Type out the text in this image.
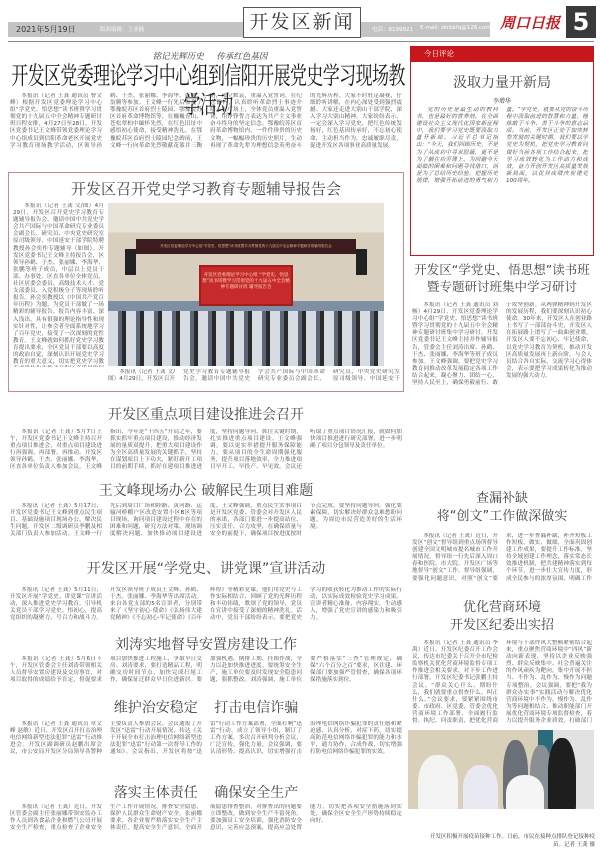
2021年5月19日	版面编辑：王亚楠	电话：8199921 E-mail: zkrbkfq@126.com
开发区新闻	周口日报 5
铭记光辉历史 传承红色基因
开发区党委理论学习中心组到信阳开展党史学习现场教学活动

本报讯（记者 王龚 通讯员 曹文峰）根据开发区党委理论学习中心组“学党史、悟思想”读书班暨学习贯彻党的十九届五中全会精神专题研讨班日程安排，4月27日至28日，开发区党委书记王文峰带领党委理论学习中心组成员到信阳革命老区开展党史学习教育现场教学活动，区领导孙鹤、于杰、张丽娜、李海华、张鹏、翁腾等参加。王文峰一行先后参观了鄂豫皖苏区首府烈士陵园、鄂豫皖苏区首府革命博物馆等，在巍巍青山、苍松翠柏中缅怀先烈，在红色旧址中感悟初心使命，接受精神洗礼。在鄂豫皖苏区首府烈士陵园纪念碑前，王文峰一行向革命先烈敬献花篮并三鞠躬，肃立默哀，重温入党誓词。在纪念馆内，认真聆听革命烈士事迹介绍，在广场上，全体党员重温入党誓词，用铮铮誓言表达为共产主义事业奋斗终身的坚定信念。鄂豫皖苏区首府革命博物馆内，一件件珍贵的历史文物，一幅幅珍贵的历史照片，生动再现了革命先辈为理想信念英勇奋斗的光辉历程。大家不时驻足凝视，仔细聆听讲解，在内心深处受到强烈震撼。大家还走进大别山干部学院，深入学习大别山精神。大家纷纷表示，一定会深入学习党史，把红色传统发扬好，红色基因传承好，不忘初心使命，主动担当作为，忠诚履职尽责，促进开发区各项事业高质量发展。

开发区召开党史学习教育专题辅导报告会

本报讯（记者 王龚 文/图）4月29日，开发区召开党史学习教育专题辅导报告会，邀请中国中共党史学会共产国际与中国革命研究专业委员会副会长、研究员、中央党史研究室原司级领导、中国延安干部学院特聘教授孙会奕作专题辅导（如图）。开发区党委书记王文峰主持报告会，区领导孙鹤、于杰、张丽娜、李海华、张鹏等班子成员，中层以上党员干部、办事处、区直各单位全体党员、社区居委会委员、高级技术人才、党支部委员、入党积极分子等现场聆听报告。孙会奕教授以《中国共产党百年历程》为题，为党员干部做了一场精彩的辅导报告。报告内容丰富、深入浅出，具有很强的理论指导性和现实针对性，让参会者全面系统地学习了百年党史，接受了一次深刻的党性教育。王文峰就如何抓好党史学习教育提出要求，全区党员干部要以高度的政治自觉，深刻认识开展党史学习教育的重大意义，切实把党史学习教

开发区党委理论学习中心组“学党史、悟思想”读书班暨学习贯彻党的十九届五中全会精神专题研讨班辅导报告会
开发区党委理论学习中心组 “学党史、悟思想”读书班暨学习贯彻党的十九届五中全会精神专题研讨班 辅导报告会

本报讯（记者 王龚 文/图）4月29日，开发区召开党史学习教育专题辅导报告会，邀请中国中共党史学会共产国际与中国革命研究专业委员会副会长、研究员、中央党史研究室原司级领导、中国延安干

开发区重点项目建设推进会召开

本报讯（记者 王龚）5月7日上午，开发区党委书记王文峰主持召开重点项目推进会，对重点项目建设进行再强调、再部署、再推动。开发区领导孙鹤、于杰、张丽娜、李海华，区直各单位负责人参加会议。王文峰指出，今年是“十四五”开局之年，要抓实抓牢重点项目建设，推动经济发展的量质双提升，把重大项目建设作为全区高质量发展的关键抓手，坚持在谋划项目上下功夫，紧盯新开工项目的前期手续，抓好在建项目推进进度，坚持问题导向、抓住关键时期，扎实推进重点项目建设。王文峰强调，要以更实举措提升服务保障能力，要从项目的全生命周期强化服务，提升项目落地效率，全力推进项目早开工、早投产、早见效。会议还听取了重点项目情况汇报，就如何加快项目推进进行研究部署，进一步明确了项目分包领导及责任单位。

王文峰现场办公 破解民生项目难题

本报讯（记者 王龚）5月17日，开发区党委书记王文峰到重点民生项目、基础设施项目现场办公，解决民生问题。开发区二级调研员李鹏及相关部门负责人参加活动。王文峰一行先后到周口广场和睦路、黄河路、运输河桥棚户区改造安置小区B区等项目现场，询问项目建设过程中存在的困难和问题，研究方法对策，现场调度解决问题，加快推动项目建设进度。王文峰强调，重点民生实事项目是开发区党委、管委会对开发区人民的承诺，各部门要进一步提高站位、压实责任、合力攻坚，在确保质量与安全的前提下，确保项目按进度按时节点完成。要坚持问题导向，强化要素保障，切实解决好群众急难愁盼问题，为周边市民营造美好的生活环境。

开发区开展“学党史、讲党课”宣讲活动

本报讯（记者 王龚）5月11日，开发区开展“学党史、讲党课”宣讲活动，深入推进党史学习教育，引导机关党员干部学习党史、悟初心，提高党组织的凝聚力、号召力和战斗力。开发区领导班子成员王文峰、孙鹤、于杰、张丽娜、李海华等出席活动。来自各党支部的5名宣讲者，分别带来了《坚守初心·使命》《弘扬伟大建党精神》《不忘初心·牢记使命》《百年辉煌》等精彩党课，他们用党史与工作实际相结合，回顾了党的光辉历程和丰功伟绩，歌颂了党的领导，党员在宣讲中接受了深刻的精神洗礼。活动中，党员干部纷纷表示，要把党史学习的收获转化为推动工作的实际行动，以实际成效检验党史学习成果。宣讲者精心准备，内容翔实，生动感人，增强了党史宣讲的感染力和吸引力。

刘涛实地督导安置房建设工作

本报讯（记者 王龚）5月6日下午，开发区管委会主任刘涛带领相关人员督导安置房建设及交房事宜，对项目取得的成绩给予肯定，督促要求项目加快推进工程施工，争取早日交房。刘涛要求，要打造精品工程，明确交房时间节点，加快完成扫尾工作，确保征迁群众早日住进新居。要加强机遇、倒排工期、挂图作战，全力以赴加快推进进度。要统筹安全生产，施工单位要及时发现安全隐患问题，狠抓整改。刘涛强调，施工单位要严格落实“三查”管理规定，确保“六个百分之百”要求，区住建、环保部门要加强严管督查，确保各项环保措施落实到位。

维护治安稳定 打击电信诈骗

本报讯（记者 王龚 通讯员 章文峰 赵敏）近日，开发区召开打击治理电信网络新型违法犯罪“迅雷”行动推进会。开发区副调研员赵鹏出席会议，市公安局开发区分局领导各警种主要负责人参加会议。会议通报了开发区“迅雷”行动开展情况，传达《关于开展全市打击治理电信网络新型违法犯罪“迅雷”行动第一次督导工作的通知》。会议指出，开发区将按“迅雷”行动工作方案部署，全面打响“迅雷”行动，成立了领导小组，制订了工作方案，多次召开研判分析会议，广泛宣传，强化力量。会议强调，要认清形势、提高认识，切实增强打击治理电信网络诈骗犯罪的责任感和紧迫感，认真分析，对症下药，切实提高防范电信网络诈骗犯罪的能力和水平，通力协作，合成作战，切实增强打防电信网络诈骗犯罪的实效。

落实主体责任 确保安全生产

本报讯（记者 王龚）近日，开发区管委会副主任张丽娜带领安监办工作人员到各食品企业和燃气公司开展安全生产检查，重点检查了企业安全生产工作开展情况，排查安全隐患，保护人民群众生命财产安全。张丽娜要求，各企业要严格落实安全生产主体责任，提高安全生产意识，全面开展隐患排查整治，对排查出的问题要立即整改，做到安全生产不留死角。要加强员工安全培训，强化消防安全意识，完善应急预案，提高应急处置能力，切实把各项安全措施落到实处，确保全区安全生产形势持续稳定向好。

今日评论
汲取力量开新局
李增华

党的历史是最生动的教科书，也是最好的营养剂。在全面建设社会主义现代化国家新征程中，我们要学习党史既要汲取力量开新局。习近平总书记指出：“今天，我们回顾历史，不是为了从成功中寻求慰藉，更不是为了躺在功劳簿上、为回避今天面临的困难和问题寻找借口，而是为了总结历史经验、把握历史规律，增强开拓前进的勇气和力量。”学党史，就要从党的奋斗历程中汲取前进的智慧和力量，锤炼敢于斗争、善于斗争的意志品质。当前，开发区正处于加快转型发展的关键时期，我们要以学党史为契机，把党史学习教育同做好当前各项工作结合起来，把学习成效转化为工作动力和成效，奋力开创开发区高质量发展新局面，以优异成绩庆祝建党100周年。

开发区“学党史、悟思想”读书班
暨专题研讨班集中学习研讨

本报讯（记者 王龚 通讯员 刘畅）4月29日，开发区党委理论学习中心组“学党史、悟思想”读书班暨学习贯彻党的十九届五中全会精神专题研讨班集中学习研讨。开发区党委书记王文峰主持并作辅导报告，管委会主任刘涛出席。孙鹤、于杰、张丽娜、李海华等班子成员参加。王文峰强调，要把党史学习教育同推动改革发展稳定各项工作结合起来，凝心聚力、团结一心，坚持人民至上，确保勇毅前行、敢于攻坚创新。从两弹精神到开发区的发展历程，我们要深刻认识初心使命。30年来，开发区人在创业路上书写了一部部奋斗史，开发区人在拓展路上谱写了一曲曲创业歌。开发区人要不忘初心、牢记使命，以党史学习教育为契机，推动开发区高质量发展再上新台阶。与会人员结合各自实际，交流学习心得体会，表示要把学习成果转化为推动发展的强大动力。

查漏补缺
将“创文”工作做深做实

本报讯（记者 王龚）近日，开发区“创文”督导组到重点场所督导创建全国文明城市提名城市工作开展情况。督导组一行先后深入周口春和医院、市大院、开发区广场等地督导“创文”工作。督导组强调，要强化问题意识，对照“创文”要求，进一步查漏补缺，补齐短板工作短板，做实、做细，全面巩固创建工作成果，要提升工作标准，坚持全域创建工作理念，落实常态长效推进机制，把共建精神落实到每个环节，进一步壮大宣传力度，形成全民参与的浓厚氛围，明确工作

优化营商环境
开发区纪委出实招

本报讯（记者 王龚 通讯员 李禹）近日，开发区纪委召开工作会议，传达市纪委关于召开全市纪检监察机关优化营商环境监督专项工作推进会相关要求，对下步工作进行部署。开发区纪委书记张鹏主持会议。“群众关心什么、期盼什么，我们就要重点督查什么、纠正什么。”会议要求，要紧紧围绕市委、市政府、区党委、管委会优化营商环境工作部署，全面履行监督、执纪、问责职责，把优化营商环境与干部作风大整顿紧密结合起来，重点聚焦营商环境中“四风”新动向新表现，坚持以企业反映强烈、群众反映集中、社会普遍关注的作风顽疾为靶向，集中开展不担当、不作为、乱作为、慢作为问题专项整治。会议强调，要把“我为群众办实事”实践活动与解决优化营商环境中不作为、慢作为、乱作为等问题相结合，推动职能部门开展优化营商环境专项监督检查，着力以提升服务企业质效，打破部门

开发区积极开展疫苗接种工作。日前，市民在接种点排队登记接种疫苗。记者 王龚 摄
